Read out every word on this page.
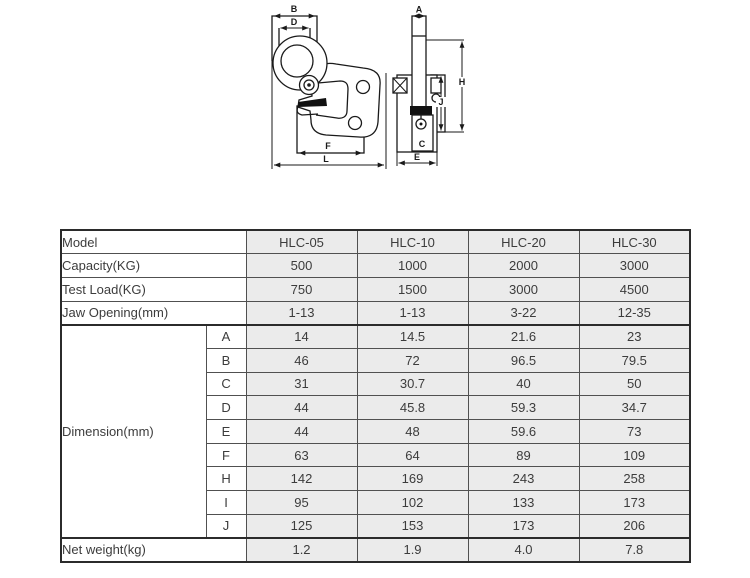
B
D
F
L
A
H
J
C
E
Model		HLC-05	HLC-10	HLC-20	HLC-30
Capacity(KG)		500	1000	2000	3000
Test Load(KG)		750	1500	3000	4500
Jaw Opening(mm)		1-13	1-13	3-22	12-35
Dimension(mm)	A	14	14.5	21.6	23
	B	46	72	96.5	79.5
	C	31	30.7	40	50
	D	44	45.8	59.3	34.7
	E	44	48	59.6	73
	F	63	64	89	109
	H	142	169	243	258
	I	95	102	133	173
	J	125	153	173	206
Net weight(kg)		1.2	1.9	4.0	7.8
